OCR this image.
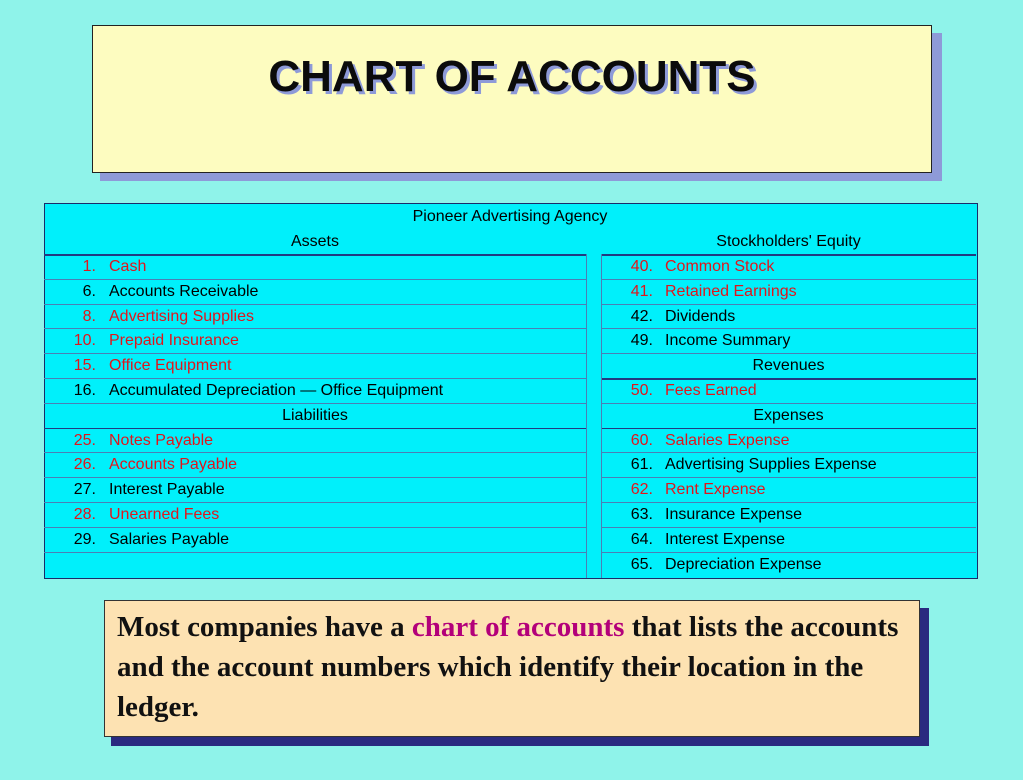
CHART OF ACCOUNTS
Pioneer Advertising Agency
Assets	Stockholders' Equity
1. Cash
6. Accounts Receivable
8. Advertising Supplies
10. Prepaid Insurance
15. Office Equipment
16. Accumulated Depreciation — Office Equipment
25. Notes Payable
26. Accounts Payable
27. Interest Payable
28. Unearned Fees
29. Salaries Payable
Liabilities
40. Common Stock
41. Retained Earnings
42. Dividends
49. Income Summary
50. Fees Earned
60. Salaries Expense
61. Advertising Supplies Expense
62. Rent Expense
63. Insurance Expense
64. Interest Expense
65. Depreciation Expense
Revenues
Expenses
Most companies have a chart of accounts that lists the accounts and the account numbers which identify their location in the ledger.
